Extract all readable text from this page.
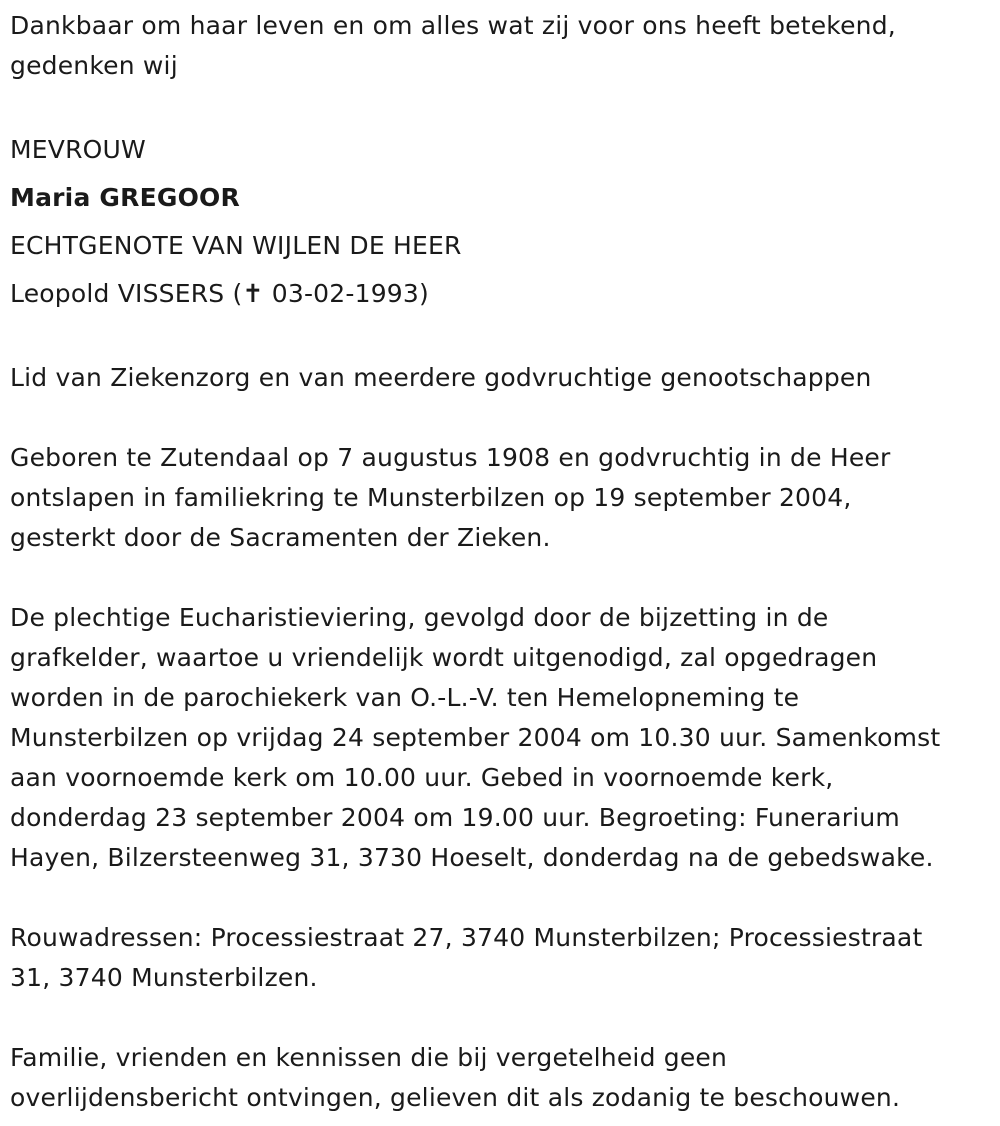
Dankbaar om haar leven en om alles wat zij voor ons heeft betekend,
gedenken wij
MEVROUW
Maria GREGOOR
ECHTGENOTE VAN WIJLEN DE HEER
Leopold VISSERS (✝ 03-02-1993)
Lid van Ziekenzorg en van meerdere godvruchtige genootschappen
Geboren te Zutendaal op 7 augustus 1908 en godvruchtig in de Heer
ontslapen in familiekring te Munsterbilzen op 19 september 2004,
gesterkt door de Sacramenten der Zieken.
De plechtige Eucharistieviering, gevolgd door de bijzetting in de
grafkelder, waartoe u vriendelijk wordt uitgenodigd, zal opgedragen
worden in de parochiekerk van O.-L.-V. ten Hemelopneming te
Munsterbilzen op vrijdag 24 september 2004 om 10.30 uur. Samenkomst
aan voornoemde kerk om 10.00 uur. Gebed in voornoemde kerk,
donderdag 23 september 2004 om 19.00 uur. Begroeting: Funerarium
Hayen, Bilzersteenweg 31, 3730 Hoeselt, donderdag na de gebedswake.
Rouwadressen: Processiestraat 27, 3740 Munsterbilzen; Processiestraat
31, 3740 Munsterbilzen.
Familie, vrienden en kennissen die bij vergetelheid geen
overlijdensbericht ontvingen, gelieven dit als zodanig te beschouwen.
